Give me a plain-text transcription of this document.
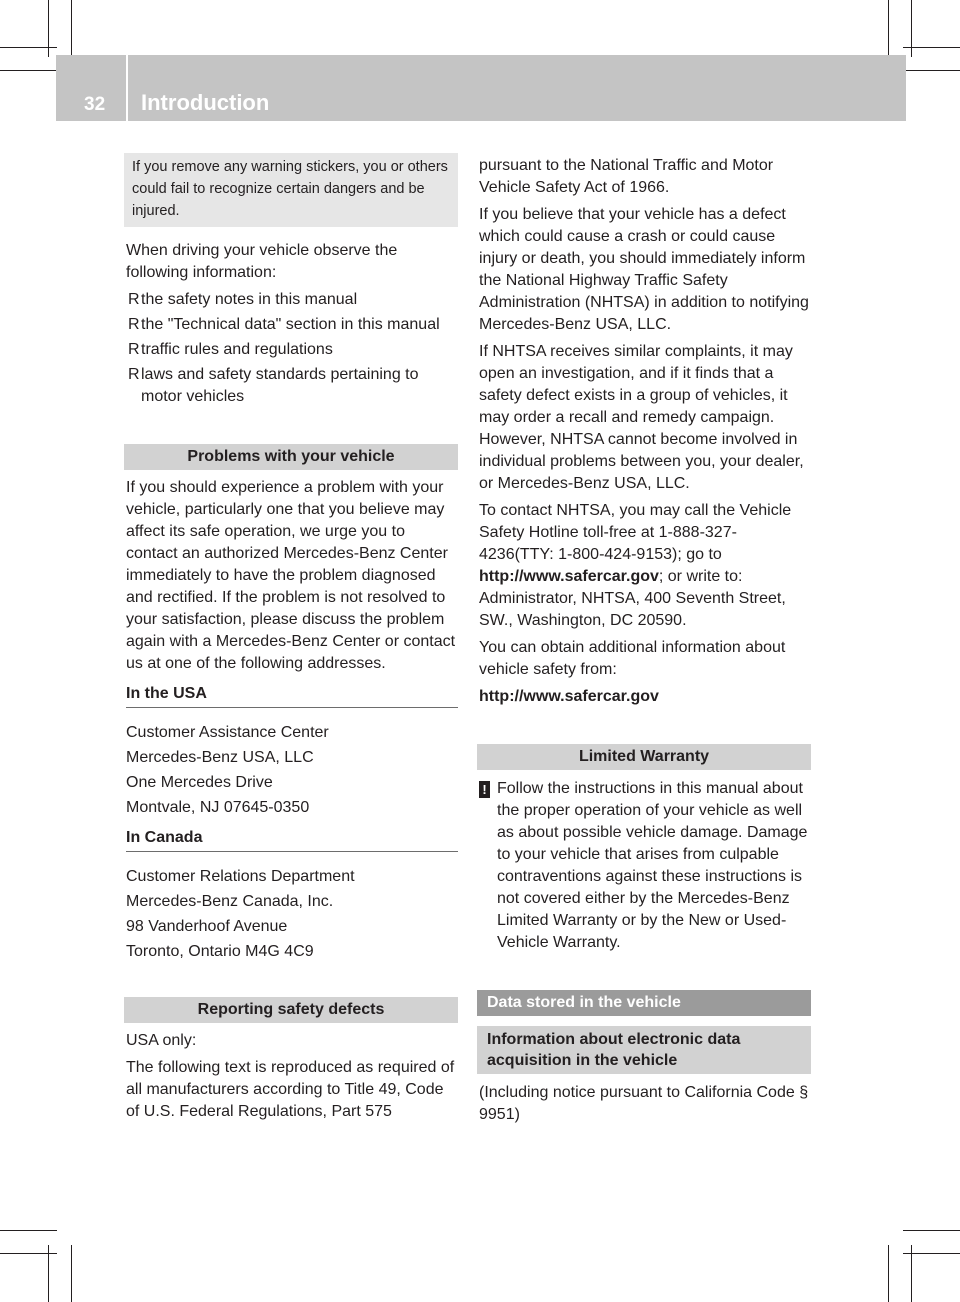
32 Introduction
If you remove any warning stickers, you or others could fail to recognize certain dangers and be injured.

When driving your vehicle observe the following information:

R the safety notes in this manual
R the "Technical data" section in this manual
R traffic rules and regulations
R laws and safety standards pertaining to motor vehicles
Problems with your vehicle

If you should experience a problem with your vehicle, particularly one that you believe may affect its safe operation, we urge you to contact an authorized Mercedes-Benz Center immediately to have the problem diagnosed and rectified. If the problem is not resolved to your satisfaction, please discuss the problem again with a Mercedes-Benz Center or contact us at one of the following addresses.

In the USA

Customer Assistance Center

Mercedes-Benz USA, LLC

One Mercedes Drive

Montvale, NJ 07645-0350

In Canada

Customer Relations Department

Mercedes-Benz Canada, Inc.

98 Vanderhoof Avenue

Toronto, Ontario M4G 4C9

Reporting safety defects

USA only:

The following text is reproduced as required of all manufacturers according to Title 49, Code of U.S. Federal Regulations, Part 575

pursuant to the National Traffic and Motor Vehicle Safety Act of 1966.

If you believe that your vehicle has a defect which could cause a crash or could cause injury or death, you should immediately inform the National Highway Traffic Safety Administration (NHTSA) in addition to notifying Mercedes-Benz USA, LLC.

If NHTSA receives similar complaints, it may open an investigation, and if it finds that a safety defect exists in a group of vehicles, it may order a recall and remedy campaign. However, NHTSA cannot become involved in individual problems between you, your dealer, or Mercedes-Benz USA, LLC.

To contact NHTSA, you may call the Vehicle Safety Hotline toll-free at 1-888-327-4236(TTY: 1-800-424-9153); go to http://www.safercar.gov; or write to: Administrator, NHTSA, 400 Seventh Street, SW., Washington, DC 20590.

You can obtain additional information about vehicle safety from:

http://www.safercar.gov

Limited Warranty
! Follow the instructions in this manual about the proper operation of your vehicle as well as about possible vehicle damage. Damage to your vehicle that arises from culpable contraventions against these instructions is not covered either by the Mercedes-Benz Limited Warranty or by the New or Used-Vehicle Warranty.
Data stored in the vehicle
Information about electronic data acquisition in the vehicle

(Including notice pursuant to California Code § 9951)
